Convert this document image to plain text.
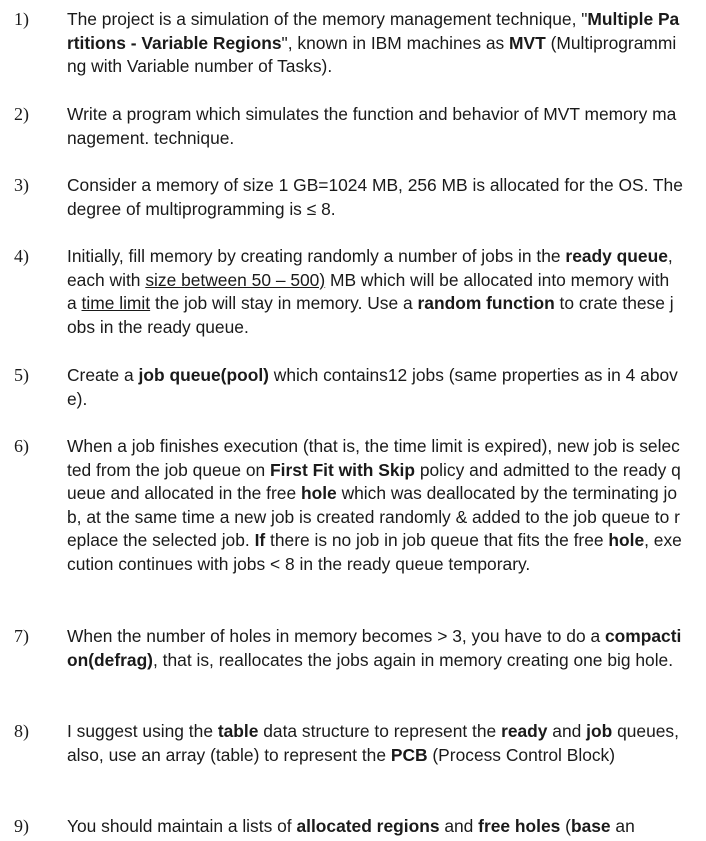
1) The project is a simulation of the memory management technique, "Multiple Partitions - Variable Regions", known in IBM machines as MVT (Multiprogramming with Variable number of Tasks).
2) Write a program which simulates the function and behavior of MVT memory management. technique.
3) Consider a memory of size 1 GB=1024 MB, 256 MB is allocated for the OS. The degree of multiprogramming is ≤ 8.
4) Initially, fill memory by creating randomly a number of jobs in the ready queue, each with size between 50 – 500) MB which will be allocated into memory with a time limit the job will stay in memory. Use a random function to crate these jobs in the ready queue.
5) Create a job queue(pool) which contains12 jobs (same properties as in 4 above).
6) When a job finishes execution (that is, the time limit is expired), new job is selected from the job queue on First Fit with Skip policy and admitted to the ready queue and allocated in the free hole which was deallocated by the terminating job, at the same time a new job is created randomly & added to the job queue to replace the selected job. If there is no job in job queue that fits the free hole, execution continues with jobs < 8 in the ready queue temporary.
7) When the number of holes in memory becomes > 3, you have to do a compaction(defrag), that is, reallocates the jobs again in memory creating one big hole.
8) I suggest using the table data structure to represent the ready and job queues, also, use an array (table) to represent the PCB (Process Control Block)
9) You should maintain a lists of allocated regions and free holes (base an
